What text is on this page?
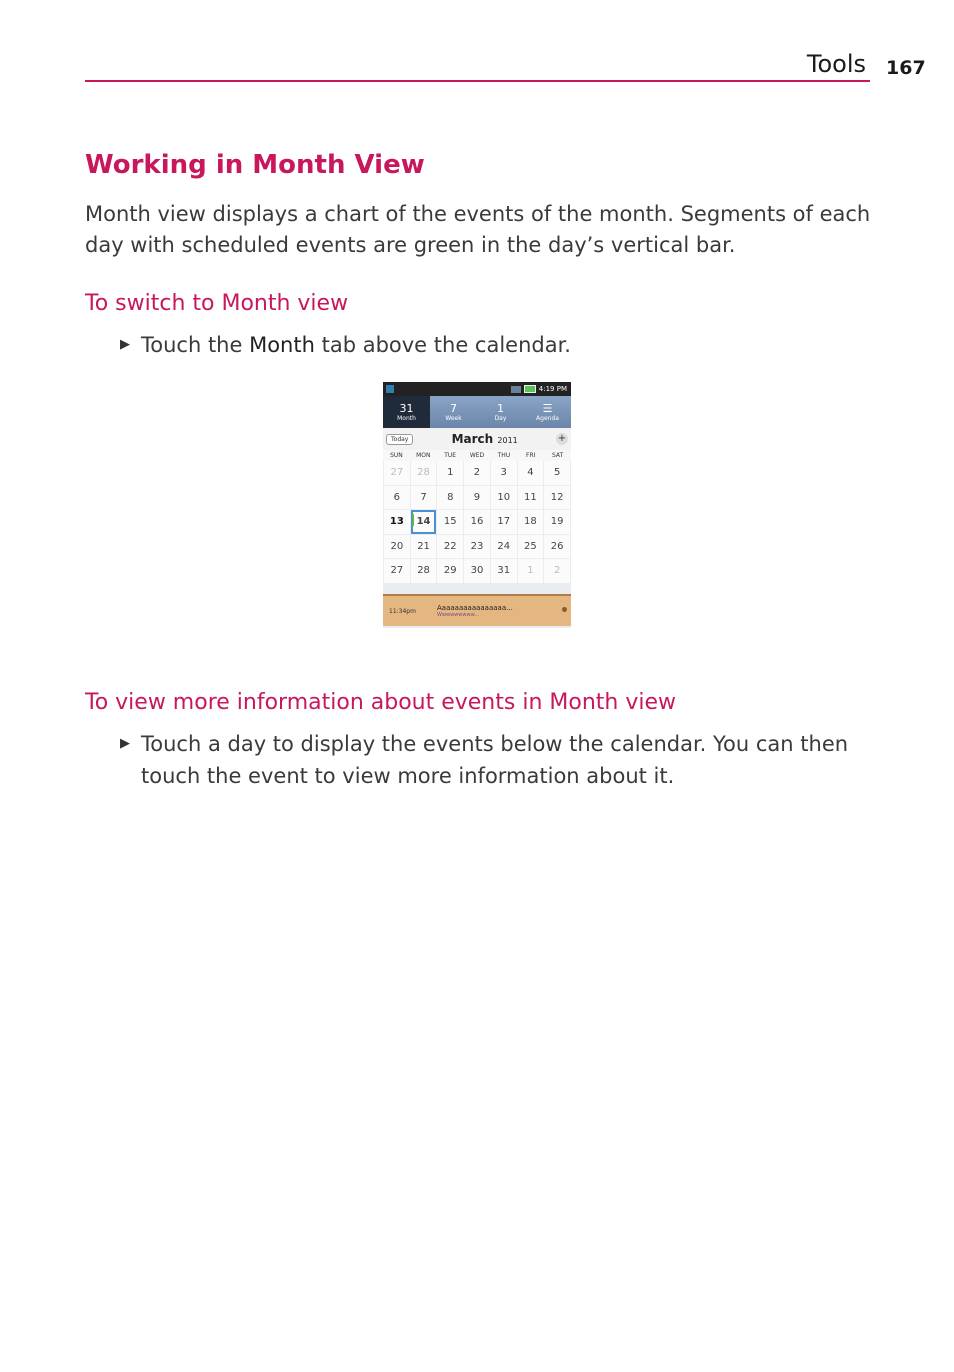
Tools 167
Working in Month View
Month view displays a chart of the events of the month. Segments of each day with scheduled events are green in the day’s vertical bar.
To switch to Month view
▶ Touch the Month tab above the calendar.
4:19 PM
31
Month
7
Week
1
Day
☰
Agenda
Today	March 2011	+
SUN	MON	TUE	WED	THU	FRI	SAT
27 28 1 2 3 4 5
6 7 8 9 10 11 12
13 14 15 16 17 18 19
20 21 22 23 24 25 26
27 28 29 30 31 1 2
11:34pm	Aaaaaaaaaaaaaaaa...
Wwwwwwwww...
To view more information about events in Month view
▶ Touch a day to display the events below the calendar. You can then touch the event to view more information about it.
